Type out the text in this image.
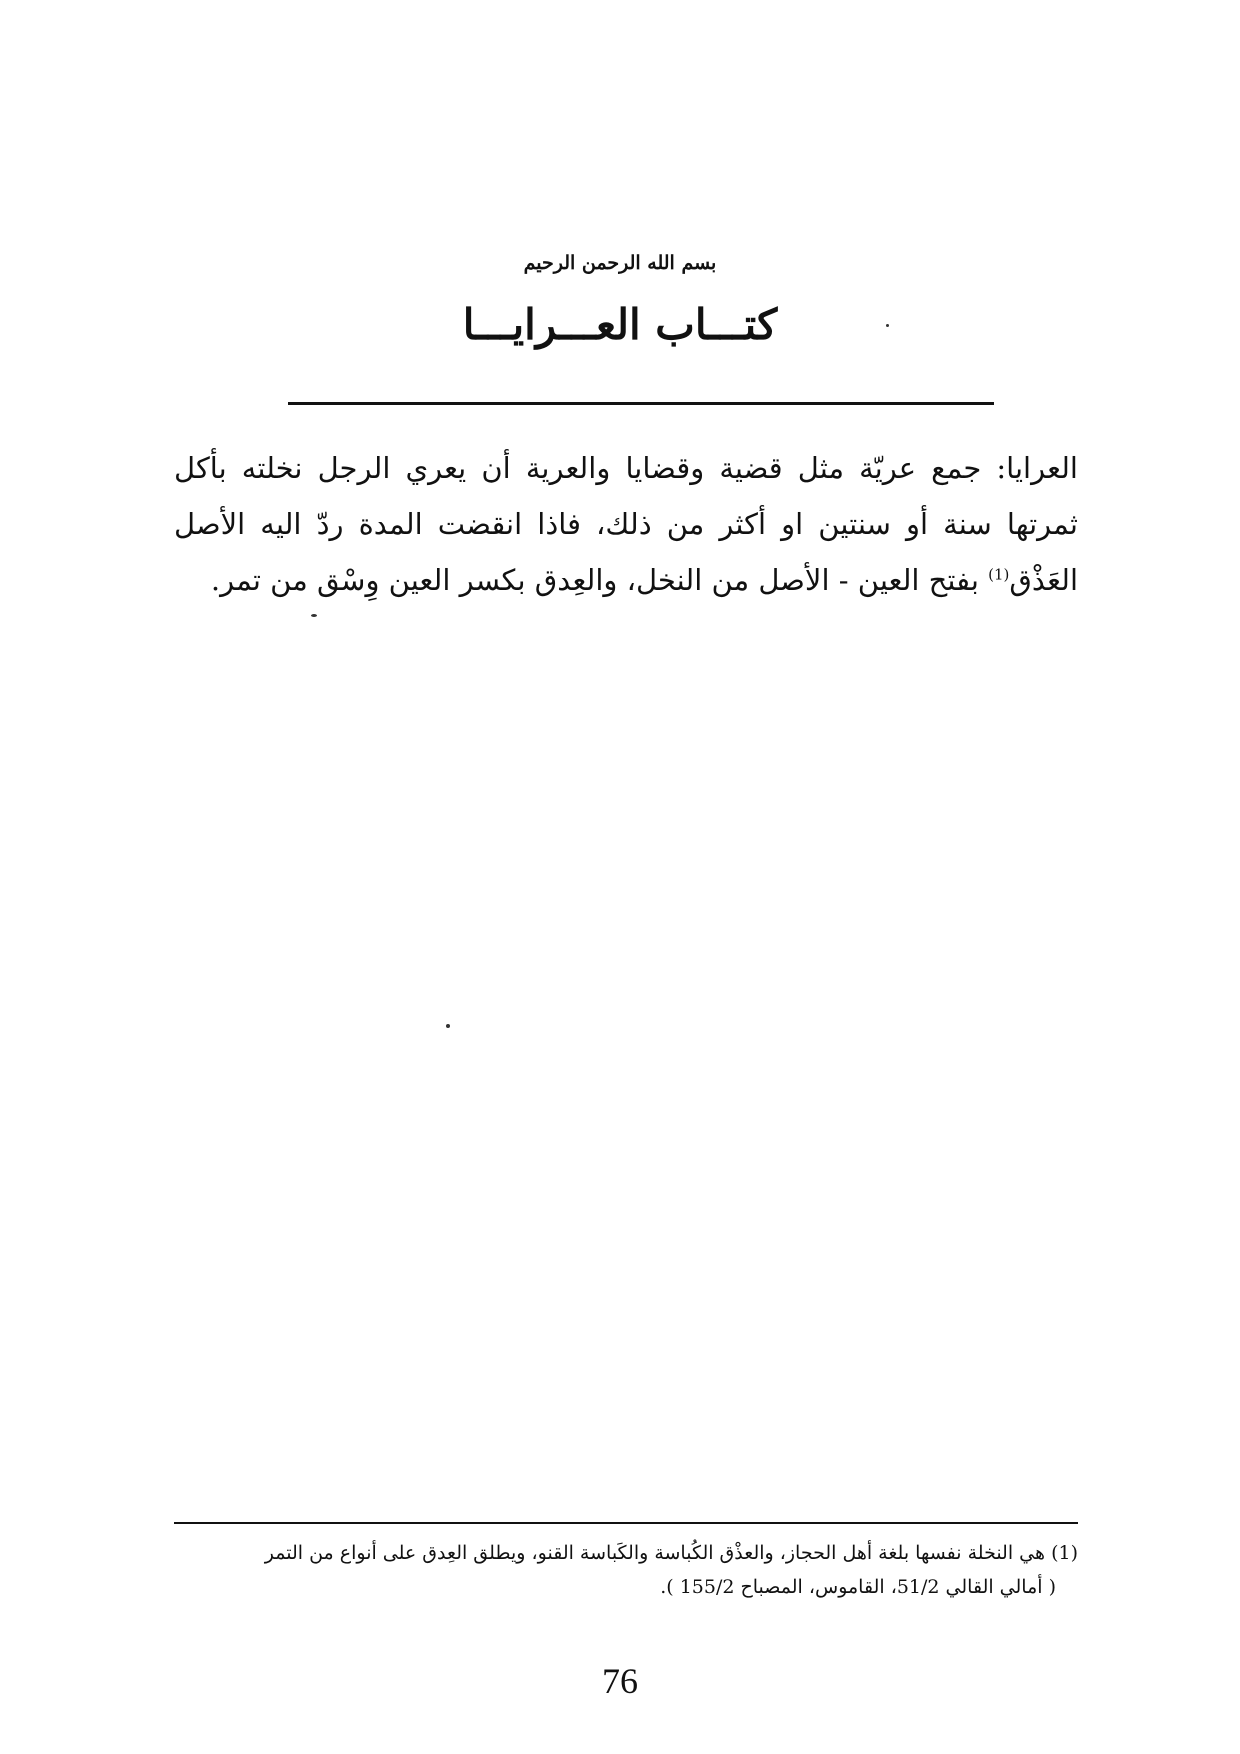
بسم الله الرحمن الرحيم
كتـــاب العـــرايـــا

العرايا: جمع عريّة مثل قضية وقضايا والعرية أن يعري الرجل نخلته بأكل ثمرتها سنة أو سنتين او أكثر من ذلك، فاذا انقضت المدة ردّ اليه الأصل العَذْق$^{(1)}$ بفتح العين - الأصل من النخل، والعِدق بكسر العين وِسْق من تمر.

(1) هي النخلة نفسها بلغة أهل الحجاز، والعذْق الكُباسة والكَباسة القنو، ويطلق العِدق على أنواع من التمر
( أمالي القالي 51/2، القاموس، المصباح 155/2 ).
76
